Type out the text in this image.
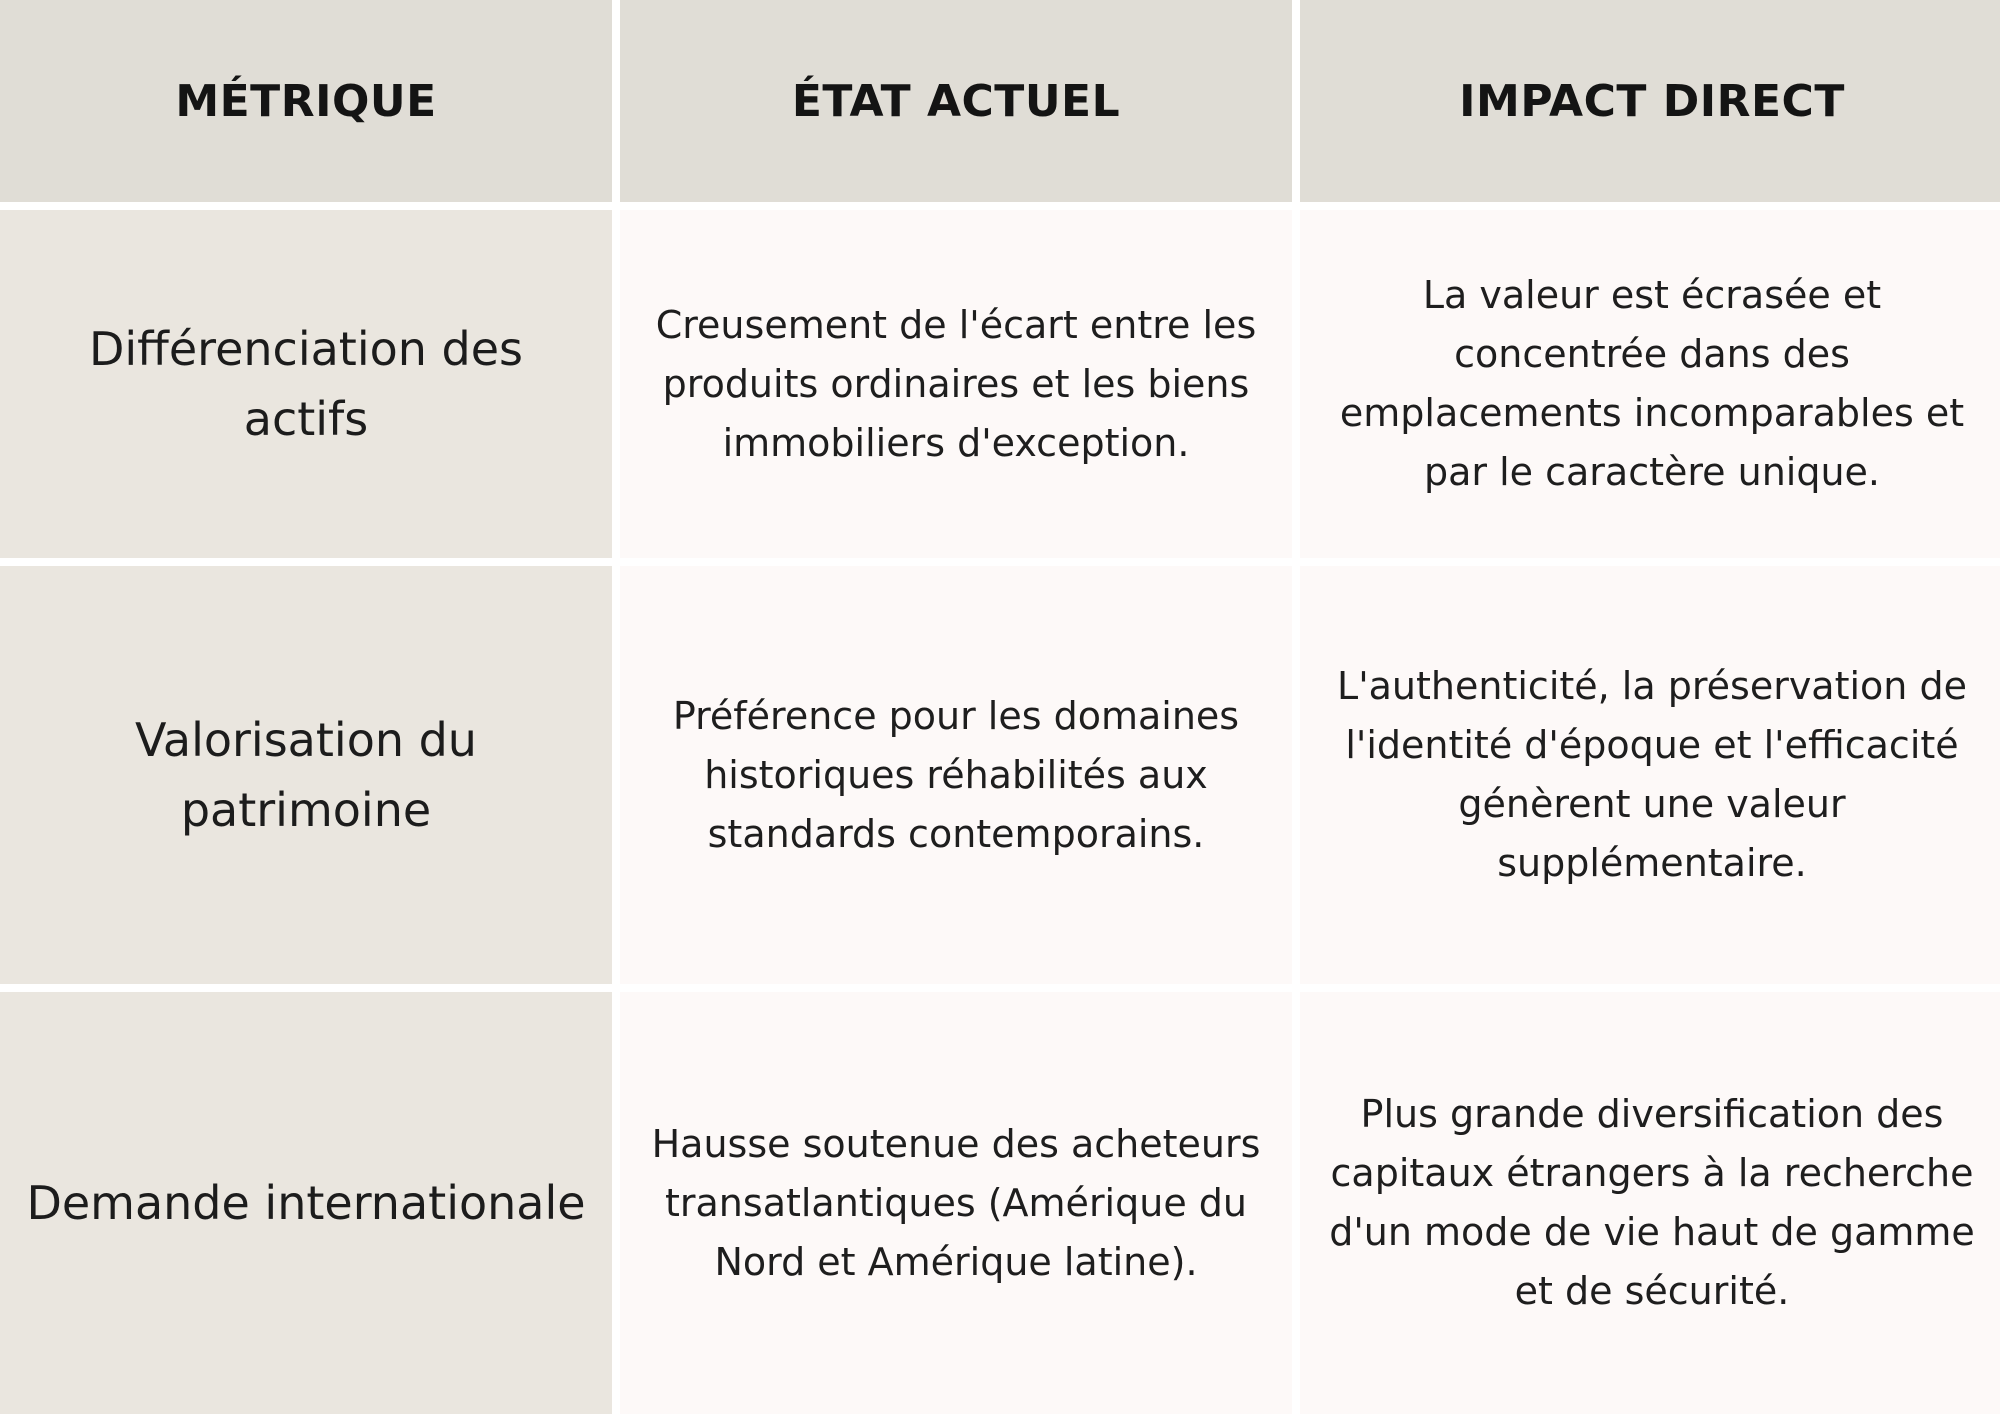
MÉTRIQUE	ÉTAT ACTUEL	IMPACT DIRECT
Différenciation des actifs
Creusement de l'écart entre les produits ordinaires et les biens immobiliers d'exception.
La valeur est écrasée et concentrée dans des emplacements incomparables et par le caractère unique.
Valorisation du patrimoine
Préférence pour les domaines historiques réhabilités aux standards contemporains.
L'authenticité, la préservation de l'identité d'époque et l'efficacité génèrent une valeur supplémentaire.
Demande internationale
Hausse soutenue des acheteurs transatlantiques (Amérique du Nord et Amérique latine).
Plus grande diversification des capitaux étrangers à la recherche d'un mode de vie haut de gamme et de sécurité.
